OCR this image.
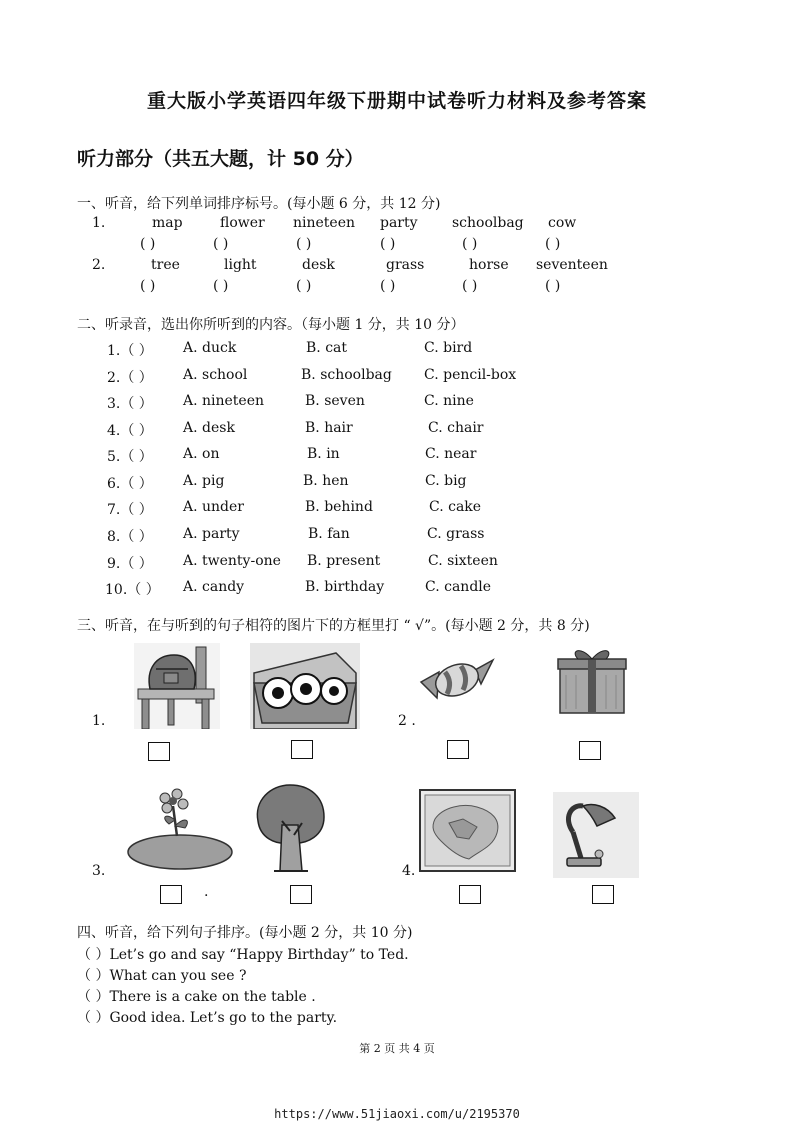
重大版小学英语四年级下册期中试卷听力材料及参考答案
听力部分（共五大题，计 50 分）
一、听音，给下列单词排序标号。(每小题 6 分，共 12 分)
1.	map	flower nineteen party schoolbag cow
( )	( )	( )	( )	( )	( )
2.	tree	light	desk	grass	horse seventeen
( )	( )	( )	( )	( )	( )
二、听录音，选出你所听到的内容。（每小题 1 分，共 10 分）
1.（ ） A. duck	B. cat	C. bird
2.（ ） A. school	B. schoolbag C. pencil-box
3.（ ） A. nineteen	B. seven	C. nine
4.（ ） A. desk	B. hair	C. chair
5.（ ） A. on	B. in	C. near
6.（ ） A. pig	B. hen	C. big
7.（ ） A. under	B. behind	C. cake
8.（ ） A. party	B. fan	C. grass
9.（ ） A. twenty-one B. present	C. sixteen
10.（ ） A. candy	B. birthday	C. candle
三、听音，在与听到的句子相符的图片下的方框里打 “ √”。(每小题 2 分，共 8 分)
1.	2 .
3.	4.
.
四、听音，给下列句子排序。(每小题 2 分，共 10 分)
（ ）Let’s go and say “Happy Birthday” to Ted.
（ ）What can you see ?
（ ）There is a cake on the table .
（ ）Good idea. Let’s go to the party.
第 2 页 共 4 页
https://www.51jiaoxi.com/u/2195370
